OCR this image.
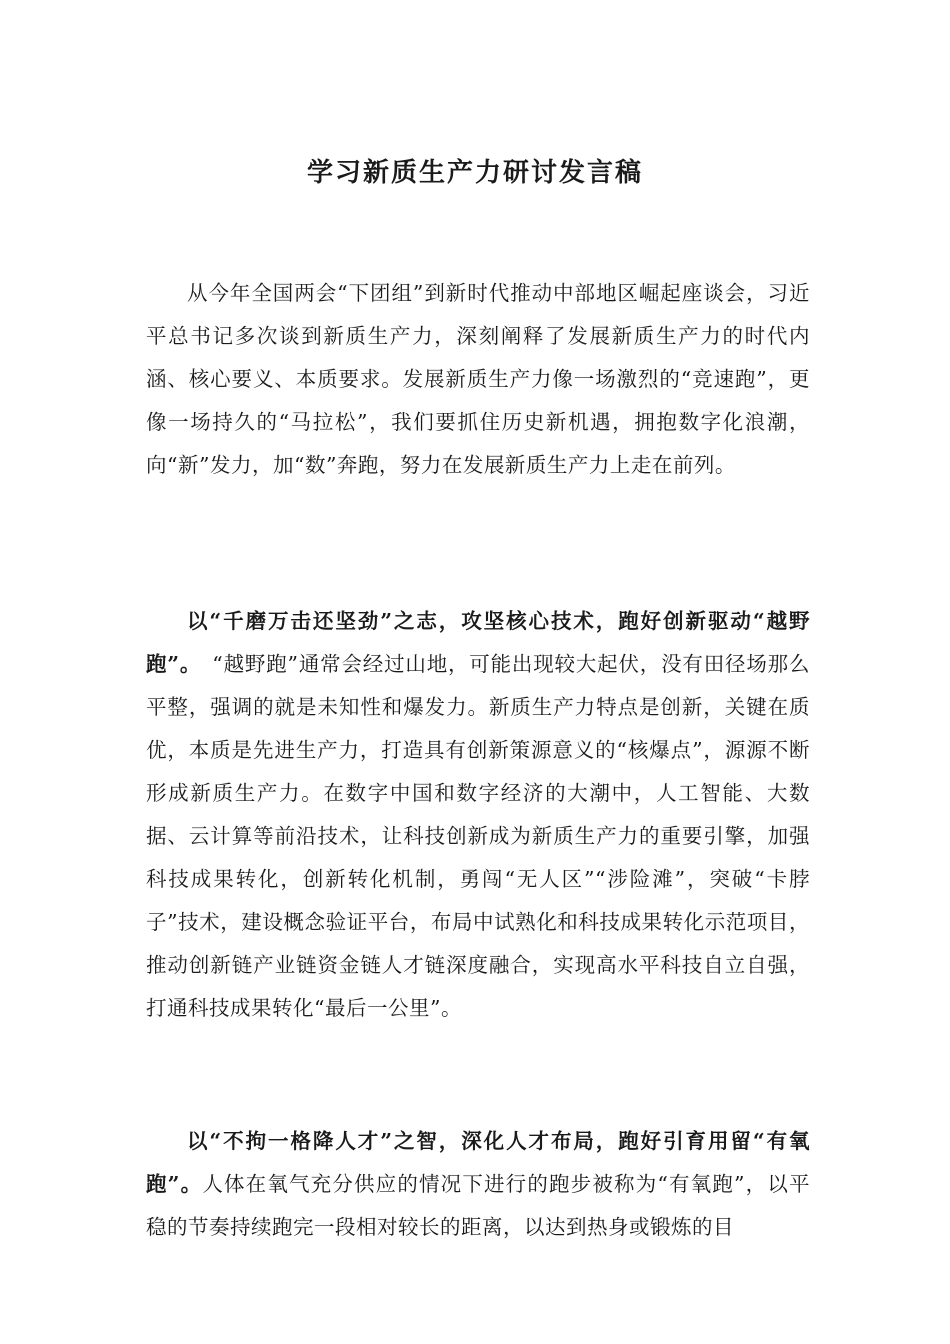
学习新质生产力研讨发言稿

从今年全国两会“下团组”到新时代推动中部地区崛起座谈会，习近平总书记多次谈到新质生产力，深刻阐释了发展新质生产力的时代内涵、核心要义、本质要求。发展新质生产力像一场激烈的“竞速跑”，更像一场持久的“马拉松”，我们要抓住历史新机遇，拥抱数字化浪潮，向“新”发力，加“数”奔跑，努力在发展新质生产力上走在前列。

以“千磨万击还坚劲”之志，攻坚核心技术，跑好创新驱动“越野跑”。　“越野跑”通常会经过山地，可能出现较大起伏，没有田径场那么平整，强调的就是未知性和爆发力。新质生产力特点是创新，关键在质优，本质是先进生产力，打造具有创新策源意义的“核爆点”，源源不断形成新质生产力。在数字中国和数字经济的大潮中，人工智能、大数据、云计算等前沿技术，让科技创新成为新质生产力的重要引擎，加强科技成果转化，创新转化机制，勇闯“无人区”“涉险滩”，突破“卡脖子”技术，建设概念验证平台，布局中试熟化和科技成果转化示范项目，推动创新链产业链资金链人才链深度融合，实现高水平科技自立自强，打通科技成果转化“最后一公里”。

以“不拘一格降人才”之智，深化人才布局，跑好引育用留“有氧跑”。人体在氧气充分供应的情况下进行的跑步被称为“有氧跑”，以平稳的节奏持续跑完一段相对较长的距离，以达到热身或锻炼的目
